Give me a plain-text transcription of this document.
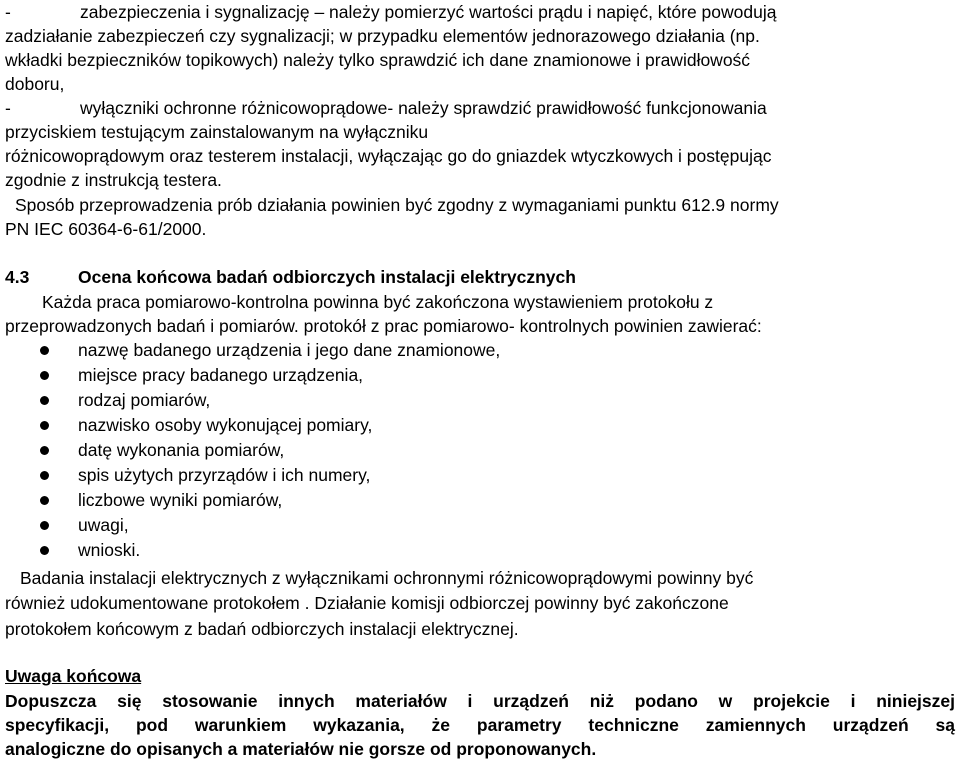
-	zabezpieczenia i sygnalizację – należy pomierzyć wartości prądu i napięć, które powodują
zadziałanie zabezpieczeń czy sygnalizacji; w przypadku elementów jednorazowego działania (np.
wkładki bezpieczników topikowych) należy tylko sprawdzić ich dane znamionowe i prawidłowość
doboru,
-	wyłączniki ochronne różnicowoprądowe- należy sprawdzić prawidłowość funkcjonowania
przyciskiem testującym zainstalowanym na wyłączniku
różnicowoprądowym oraz testerem instalacji, wyłączając go do gniazdek wtyczkowych i postępując
zgodnie z instrukcją testera.
Sposób przeprowadzenia prób działania powinien być zgodny z wymaganiami punktu 612.9 normy
PN IEC 60364-6-61/2000.
4.3	Ocena końcowa badań odbiorczych instalacji elektrycznych
Każda praca pomiarowo-kontrolna powinna być zakończona wystawieniem protokołu z
przeprowadzonych badań i pomiarów. protokół z prac pomiarowo- kontrolnych powinien zawierać:
nazwę badanego urządzenia i jego dane znamionowe,
miejsce pracy badanego urządzenia,
rodzaj pomiarów,
nazwisko osoby wykonującej pomiary,
datę wykonania pomiarów,
spis użytych przyrządów i ich numery,
liczbowe wyniki pomiarów,
uwagi,
wnioski.
Badania instalacji elektrycznych z wyłącznikami ochronnymi różnicowoprądowymi powinny być
również udokumentowane protokołem . Działanie komisji odbiorczej powinny być zakończone
protokołem końcowym z badań odbiorczych instalacji elektrycznej.
Uwaga końcowa
Dopuszcza się stosowanie innych materiałów i urządzeń niż podano w projekcie i niniejszej
specyfikacji, pod warunkiem wykazania, że parametry techniczne zamiennych urządzeń są
analogiczne do opisanych a materiałów nie gorsze od proponowanych.
